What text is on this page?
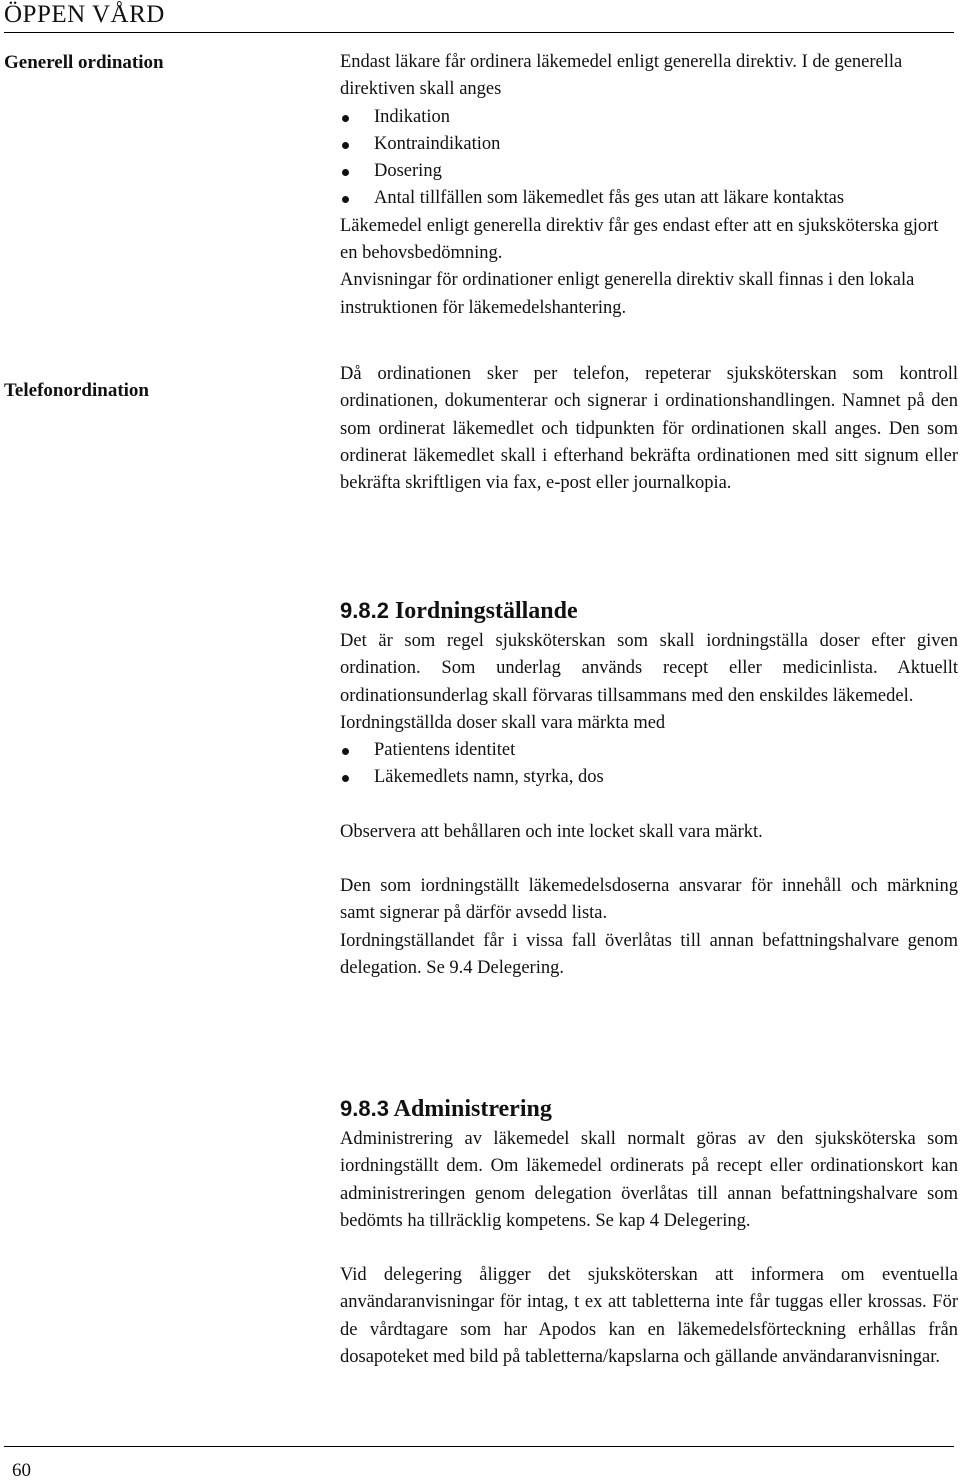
ÖPPEN VÅRD
Generell ordination	Endast läkare får ordinera läkemedel enligt generella direktiv. I de generella direktiven skall anges

Indikation
Kontraindikation
Dosering
Antal tillfällen som läkemedlet fås ges utan att läkare kontaktas

Läkemedel enligt generella direktiv får ges endast efter att en sjuksköterska gjort en behovsbedömning.

Anvisningar för ordinationer enligt generella direktiv skall finnas i den lokala instruktionen för läkemedelshantering.

Telefonordination

Då ordinationen sker per telefon, repeterar sjuksköterskan som kontroll ordinationen, dokumenterar och signerar i ordinationshandlingen. Namnet på den som ordinerat läkemedlet och tidpunkten för ordinationen skall anges. Den som ordinerat läkemedlet skall i efterhand bekräfta ordinationen med sitt signum eller bekräfta skriftligen via fax, e-post eller journalkopia.

9.8.2 Iordningställande

Det är som regel sjuksköterskan som skall iordningställa doser efter given ordination. Som underlag används recept eller medicinlista. Aktuellt ordinationsunderlag skall förvaras tillsammans med den enskildes läkemedel.

Iordningställda doser skall vara märkta med

Patientens identitet
Läkemedlets namn, styrka, dos

Observera att behållaren och inte locket skall vara märkt.

Den som iordningställt läkemedelsdoserna ansvarar för innehåll och märkning samt signerar på därför avsedd lista.

Iordningställandet får i vissa fall överlåtas till annan befattningshalvare genom delegation. Se 9.4 Delegering.

9.8.3 Administrering

Administrering av läkemedel skall normalt göras av den sjuksköterska som iordningställt dem. Om läkemedel ordinerats på recept eller ordinationskort kan administreringen genom delegation överlåtas till annan befattningshalvare som bedömts ha tillräcklig kompetens. Se kap 4 Delegering.

Vid delegering åligger det sjuksköterskan att informera om eventuella användaranvisningar för intag, t ex att tabletterna inte får tuggas eller krossas. För de vårdtagare som har Apodos kan en läkemedelsförteckning erhållas från dosapoteket med bild på tabletterna/kapslarna och gällande användaranvisningar.

60
